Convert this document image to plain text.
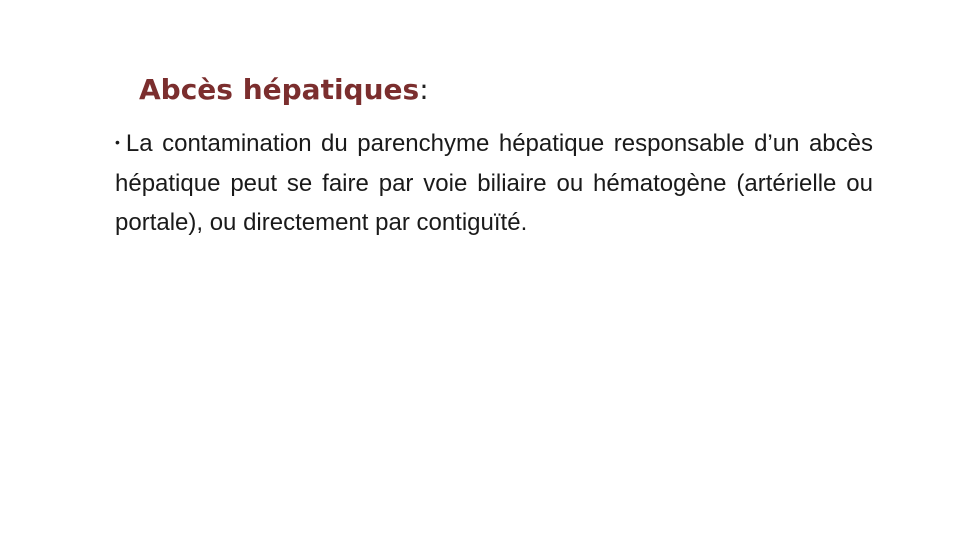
Abcès hépatiques:
• La contamination du parenchyme hépatique responsable d’un abcès hépatique peut se faire par voie biliaire ou hématogène (artérielle ou portale), ou directement par contiguïté.
